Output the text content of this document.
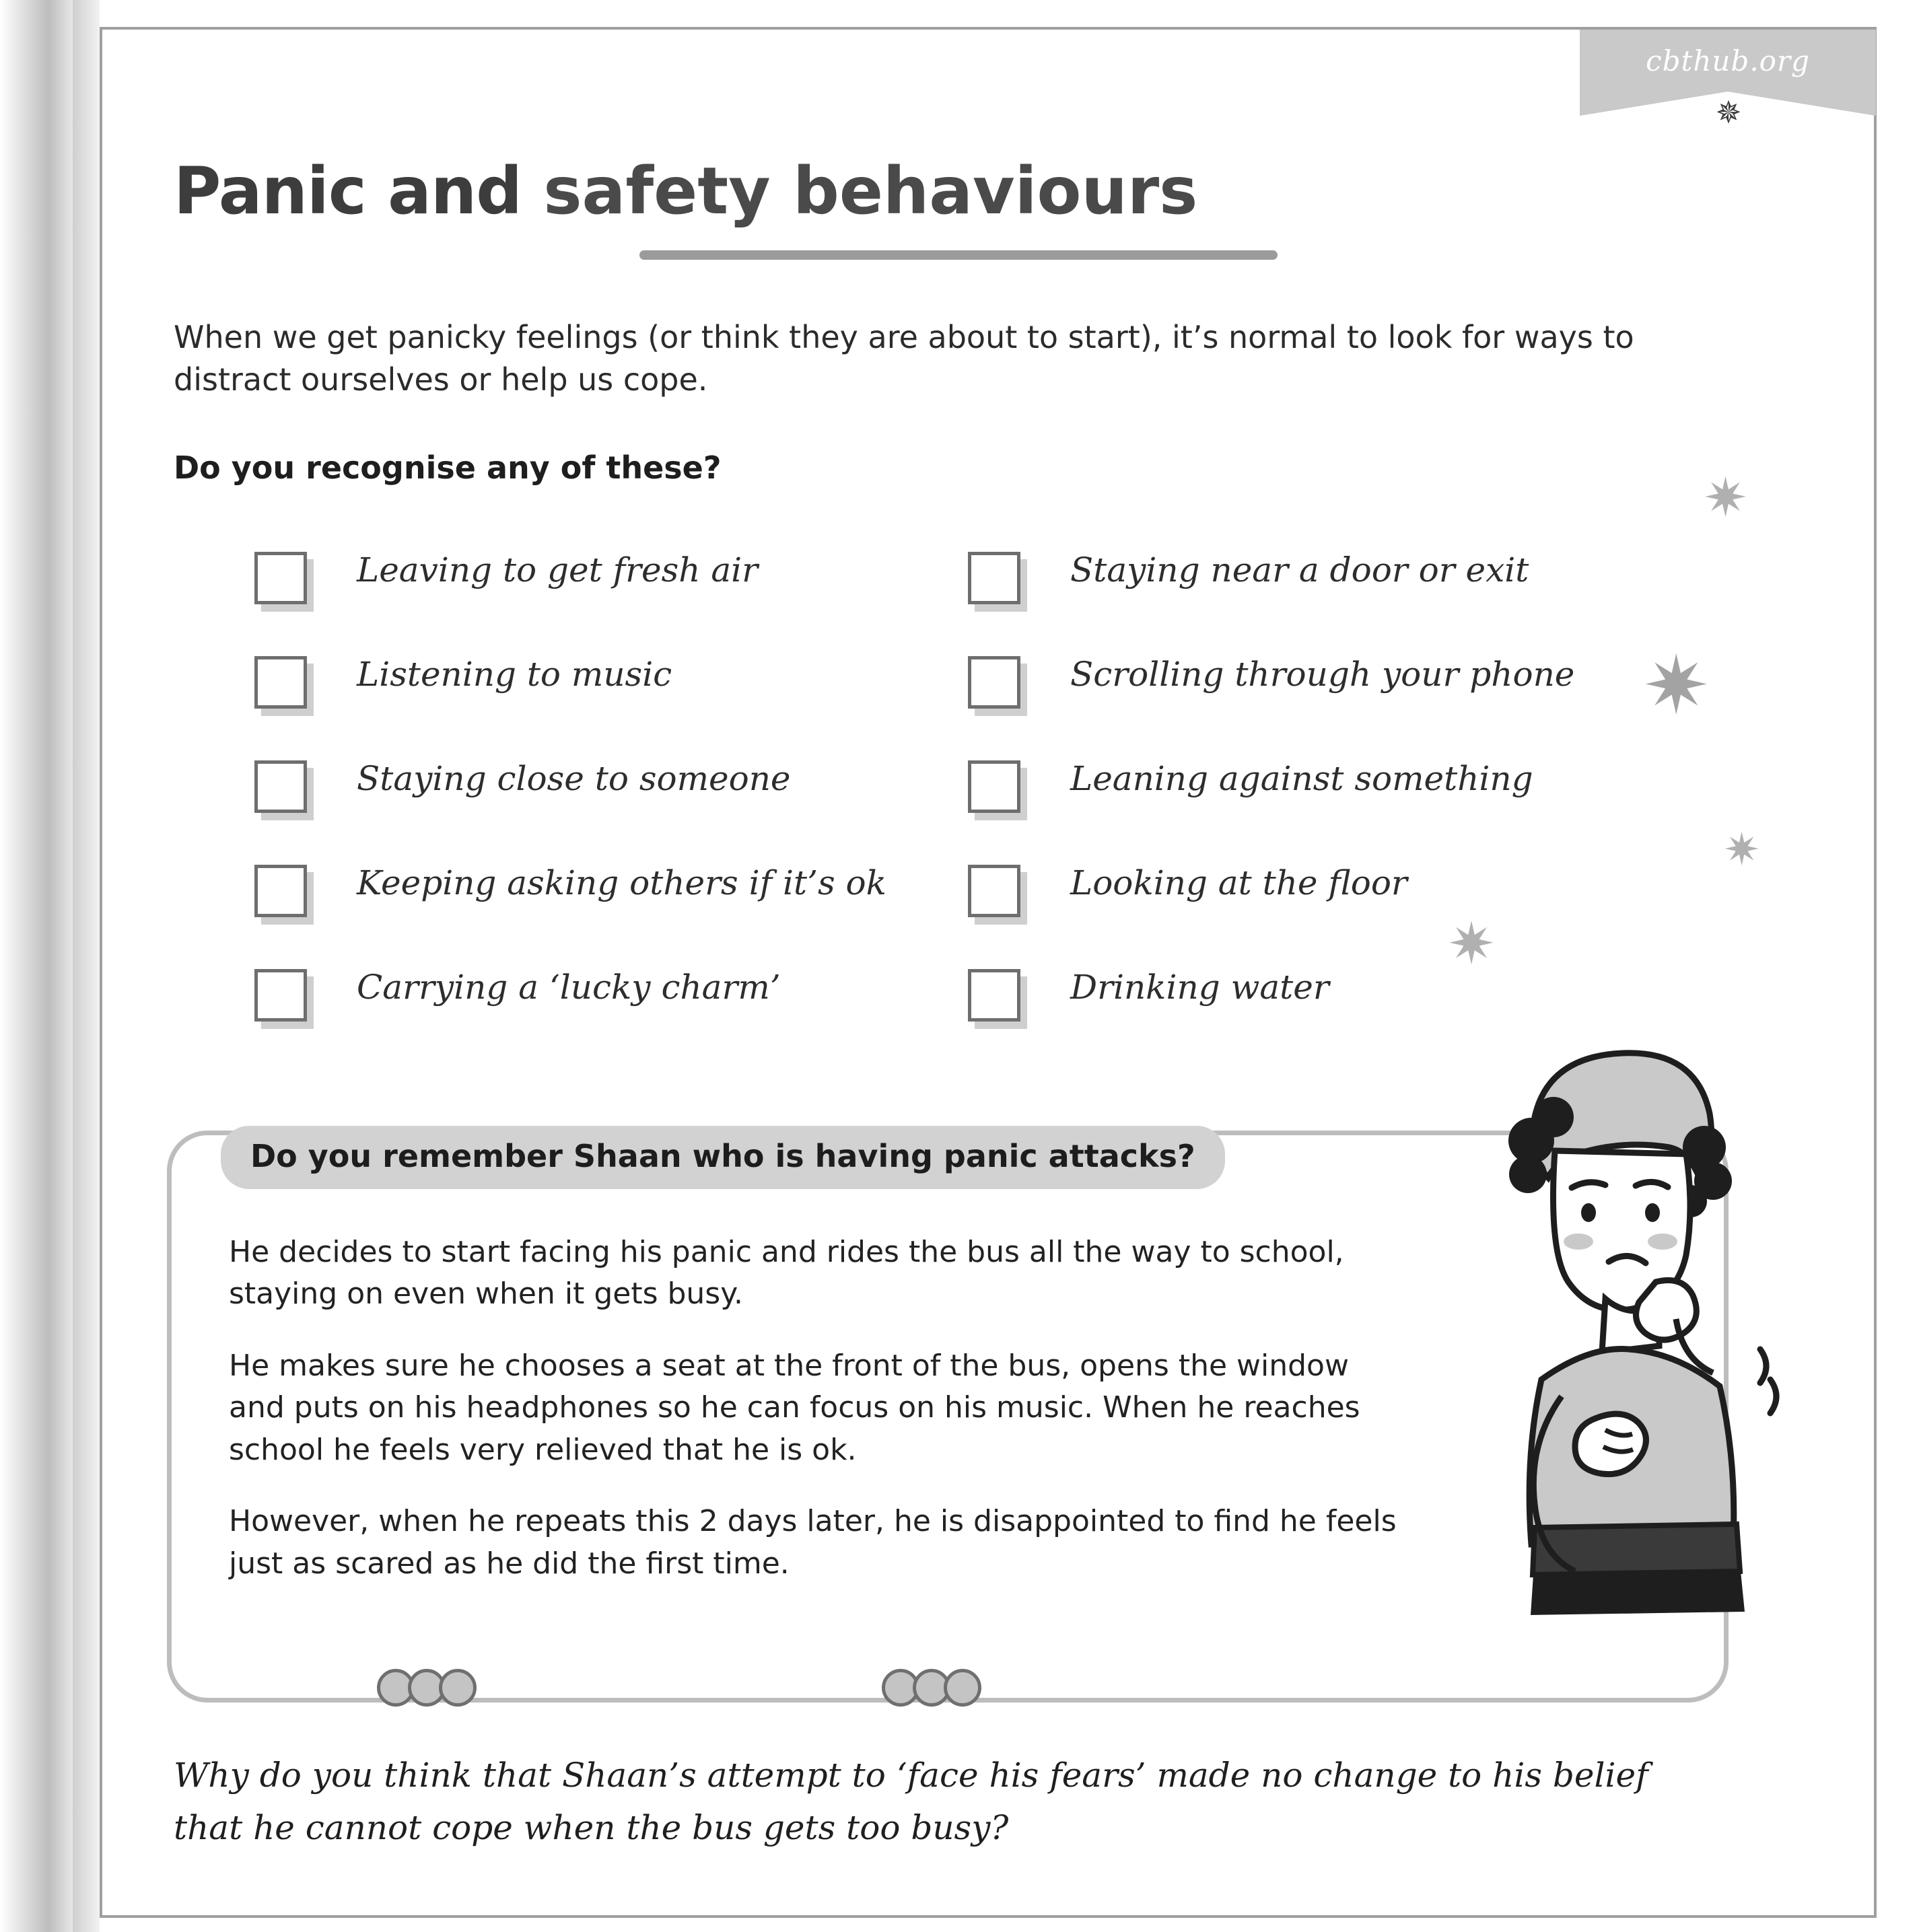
cbthub.org
✵
Panic and safety behaviours
When we get panicky feelings (or think they are about to start), it’s normal to look for ways to distract ourselves or help us cope.
Do you recognise any of these?
Leaving to get fresh air
Listening to music
Staying close to someone
Keeping asking others if it’s ok
Carrying a ‘lucky charm’
Staying near a door or exit
Scrolling through your phone
Leaning against something
Looking at the floor
Drinking water
✷
✷
✷
✷
Do you remember Shaan who is having panic attacks?

He decides to start facing his panic and rides the bus all the way to school, staying on even when it gets busy.

He makes sure he chooses a seat at the front of the bus, opens the window and puts on his headphones so he can focus on his music. When he reaches school he feels very relieved that he is ok.

However, when he repeats this 2 days later, he is disappointed to find he feels just as scared as he did the first time.

Why do you think that Shaan’s attempt to ‘face his fears’ made no change to his belief that he cannot cope when the bus gets too busy?
